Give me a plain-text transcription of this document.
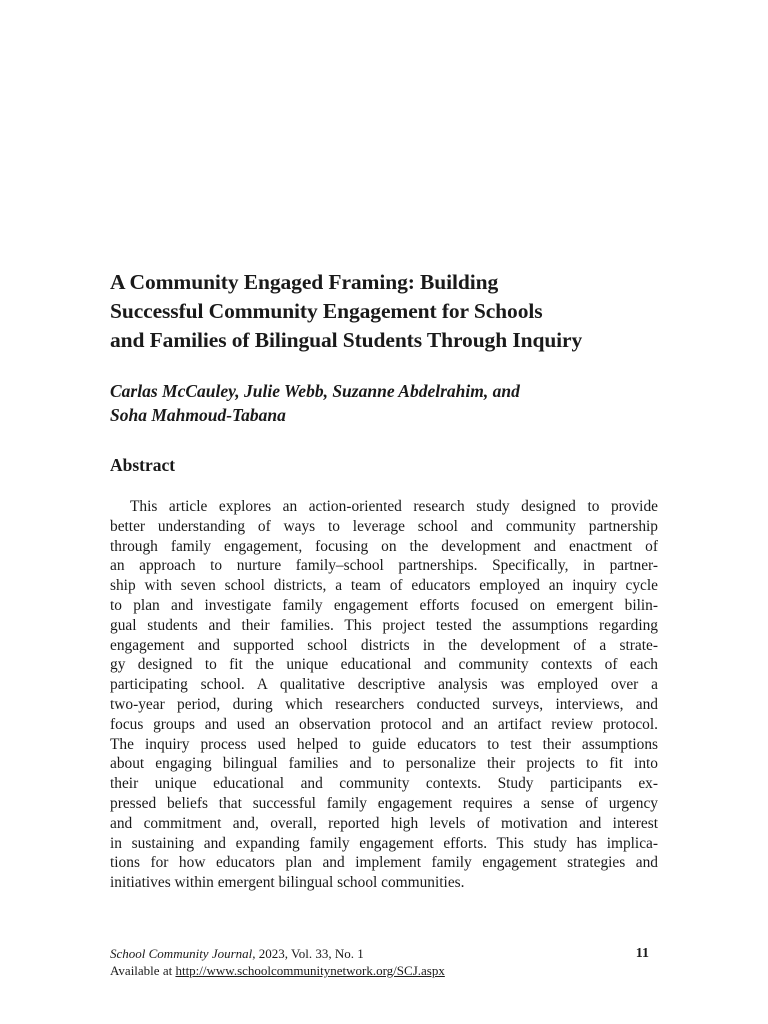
A Community Engaged Framing: Building
Successful Community Engagement for Schools
and Families of Bilingual Students Through Inquiry

Carlas McCauley, Julie Webb, Suzanne Abdelrahim, and
Soha Mahmoud-Tabana

Abstract

This article explores an action-oriented research study designed to provide
better understanding of ways to leverage school and community partnership
through family engagement, focusing on the development and enactment of
an approach to nurture family–school partnerships. Specifically, in partner-
ship with seven school districts, a team of educators employed an inquiry cycle
to plan and investigate family engagement efforts focused on emergent bilin-
gual students and their families. This project tested the assumptions regarding
engagement and supported school districts in the development of a strate-
gy designed to fit the unique educational and community contexts of each
participating school. A qualitative descriptive analysis was employed over a
two-year period, during which researchers conducted surveys, interviews, and
focus groups and used an observation protocol and an artifact review protocol.
The inquiry process used helped to guide educators to test their assumptions
about engaging bilingual families and to personalize their projects to fit into
their unique educational and community contexts. Study participants ex-
pressed beliefs that successful family engagement requires a sense of urgency
and commitment and, overall, reported high levels of motivation and interest
in sustaining and expanding family engagement efforts. This study has implica-
tions for how educators plan and implement family engagement strategies and
initiatives within emergent bilingual school communities.

School Community Journal, 2023, Vol. 33, No. 1
Available at http://www.schoolcommunitynetwork.org/SCJ.aspx
11
